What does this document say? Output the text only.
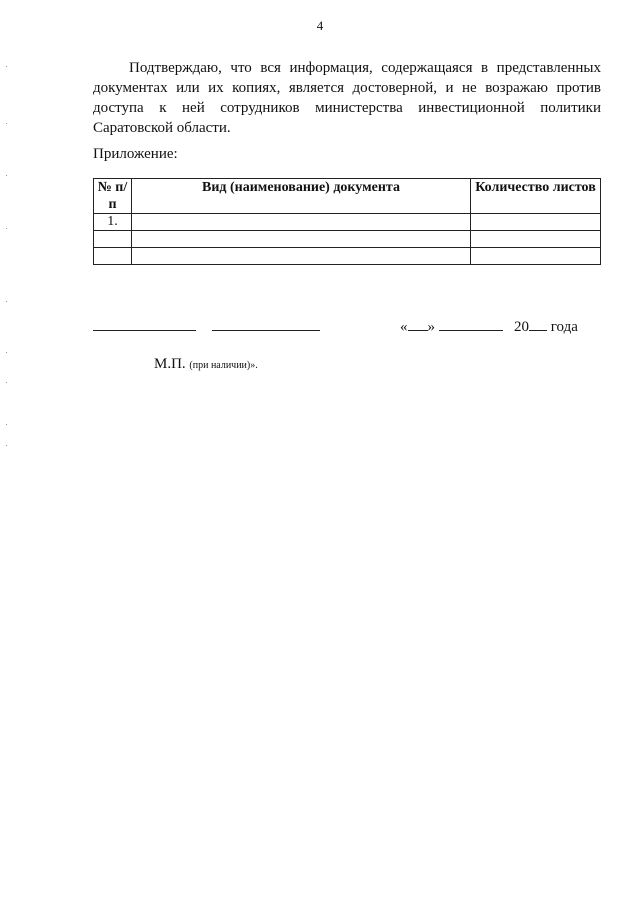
4

Подтверждаю, что вся информация, содержащаяся в представленных документах или их копиях, является достоверной, и не возражаю против доступа к ней сотрудников министерства инвестиционной политики Саратовской области.

Приложение:
№ п/п	Вид (наименование) документа	Количество листов
1.		

« »	20 года
М.П. (при наличии)».
